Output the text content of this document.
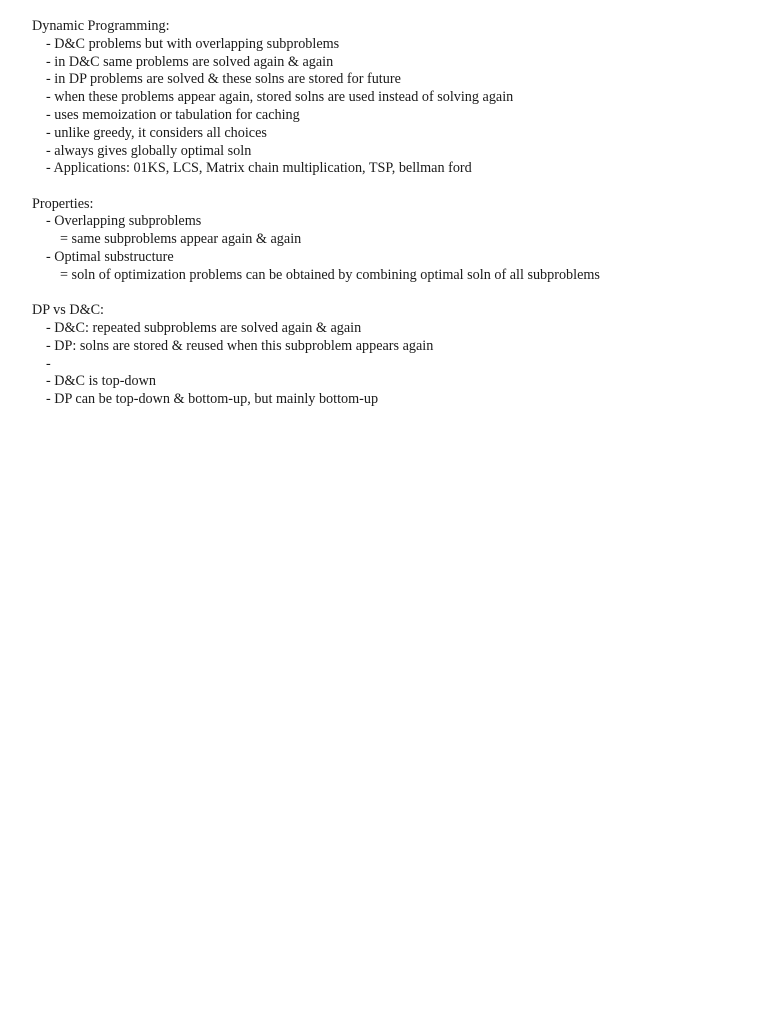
Dynamic Programming:
- D&C problems but with overlapping subproblems
- in D&C same problems are solved again & again
- in DP problems are solved & these solns are stored for future
- when these problems appear again, stored solns are used instead of solving again
- uses memoization or tabulation for caching
- unlike greedy, it considers all choices
- always gives globally optimal soln
- Applications: 01KS, LCS, Matrix chain multiplication, TSP, bellman ford
Properties:
- Overlapping subproblems
= same subproblems appear again & again
- Optimal substructure
= soln of optimization problems can be obtained by combining optimal soln of all subproblems
DP vs D&C:
- D&C: repeated subproblems are solved again & again
- DP: solns are stored & reused when this subproblem appears again
-
- D&C is top-down
- DP can be top-down & bottom-up, but mainly bottom-up
